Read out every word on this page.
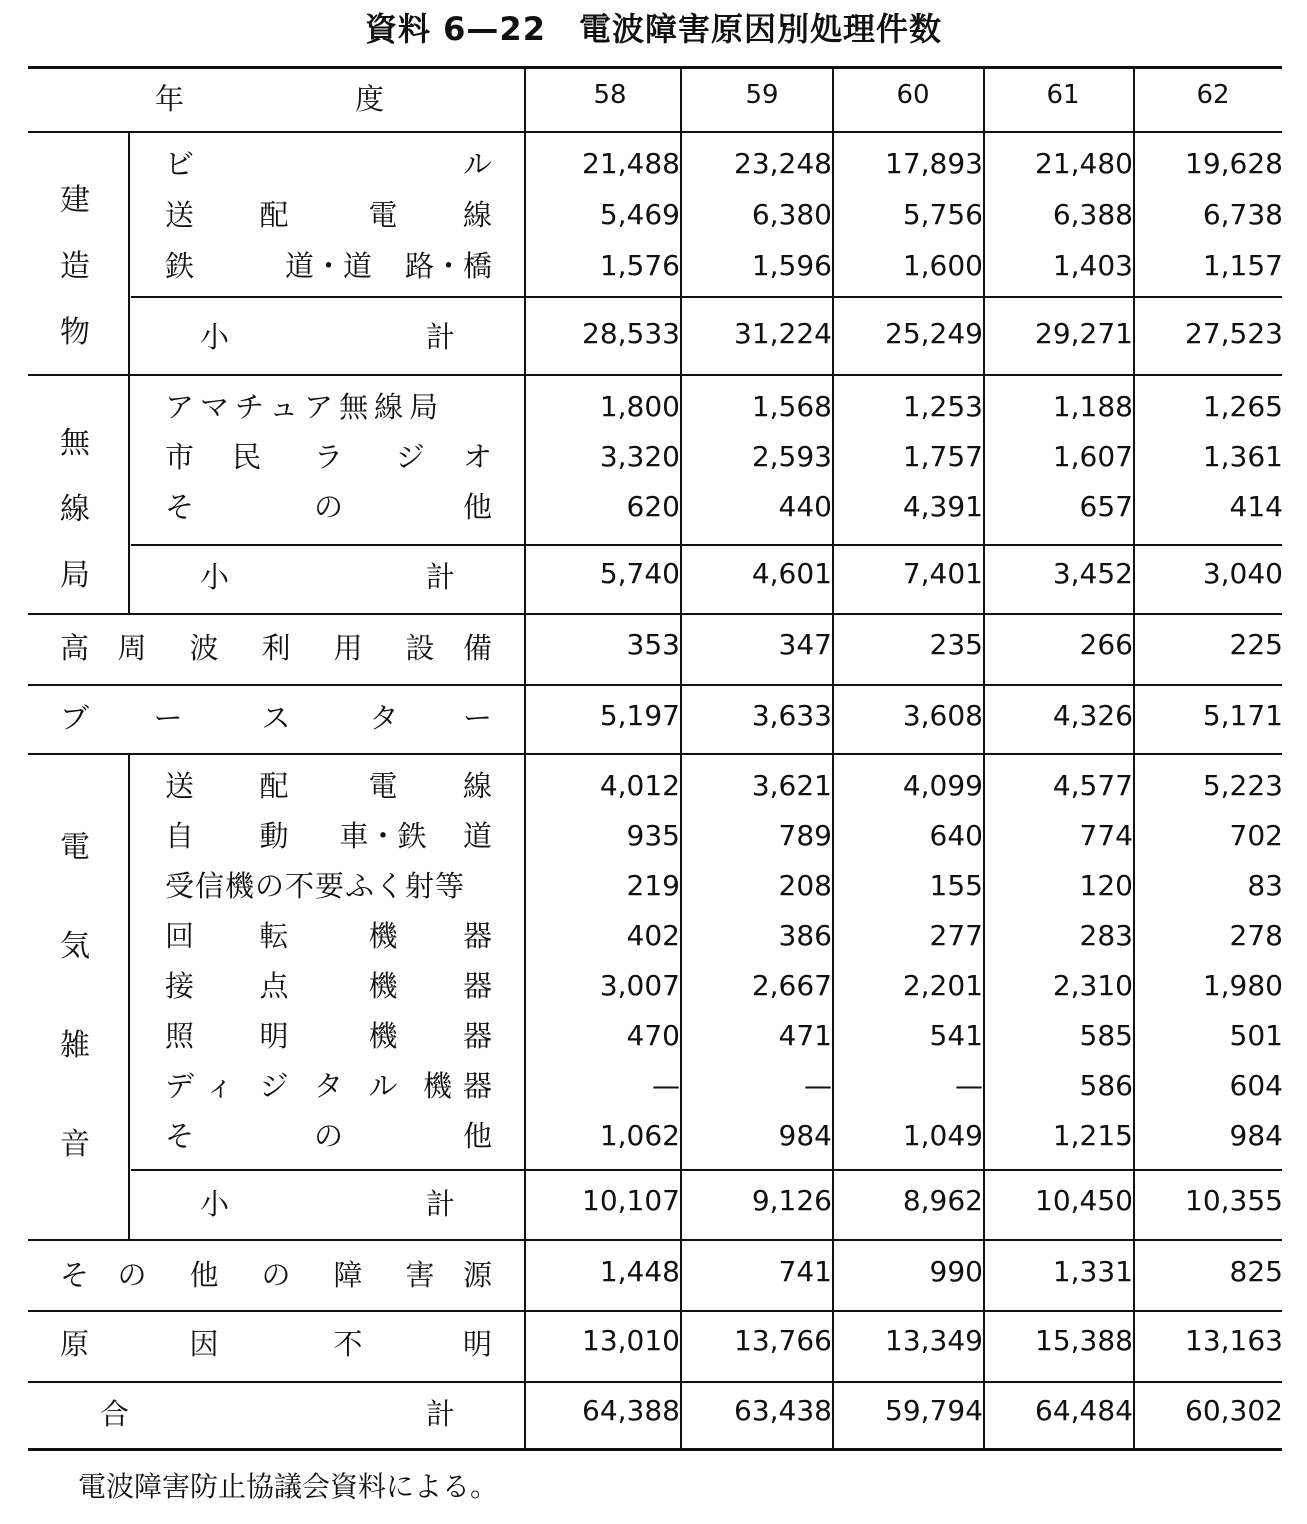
資料 6—22　電波障害原因別処理件数
年	度	58	59	60	61	62
建
造
物
ビ	ル	21,488	23,248	17,893	21,480	19,628
送 配	電 線	5,469	6,380	5,756	6,388	6,738
鉄	道・道 路・橋	1,576	1,596	1,600	1,403	1,157
小	計	28,533	31,224	25,249	29,271	27,523
無
線
局
アマチュア無線局	1,800	1,568	1,253	1,188	1,265
市 民 ラ ジ オ	3,320	2,593	1,757	1,607	1,361
そ	の	他	620	440	4,391	657	414
小	計	5,740	4,601	7,401	3,452	3,040
高 周 波 利 用 設 備	353	347	235	266	225
ブ ー	ス	タ ー	5,197	3,633	3,608	4,326	5,171
電
気
雑
音
送 配	電 線	4,012	3,621	4,099	4,577	5,223
自 動 車・鉄 道	935	789	640	774	702
受信機の不要ふく射等	219	208	155	120	83
回 転	機 器	402	386	277	283	278
接 点	機 器	3,007	2,667	2,201	2,310	1,980
照 明	機 器	470	471	541	585	501
デ ィ ジ タ ル 機 器	—	—	—	586	604
そ	の	他	1,062	984	1,049	1,215	984
小	計	10,107	9,126	8,962	10,450	10,355
そ の 他 の 障 害 源	1,448	741	990	1,331	825
原	因	不	明	13,010	13,766	13,349	15,388	13,163
合	計	64,388	63,438	59,794	64,484	60,302
電波障害防止協議会資料による。
